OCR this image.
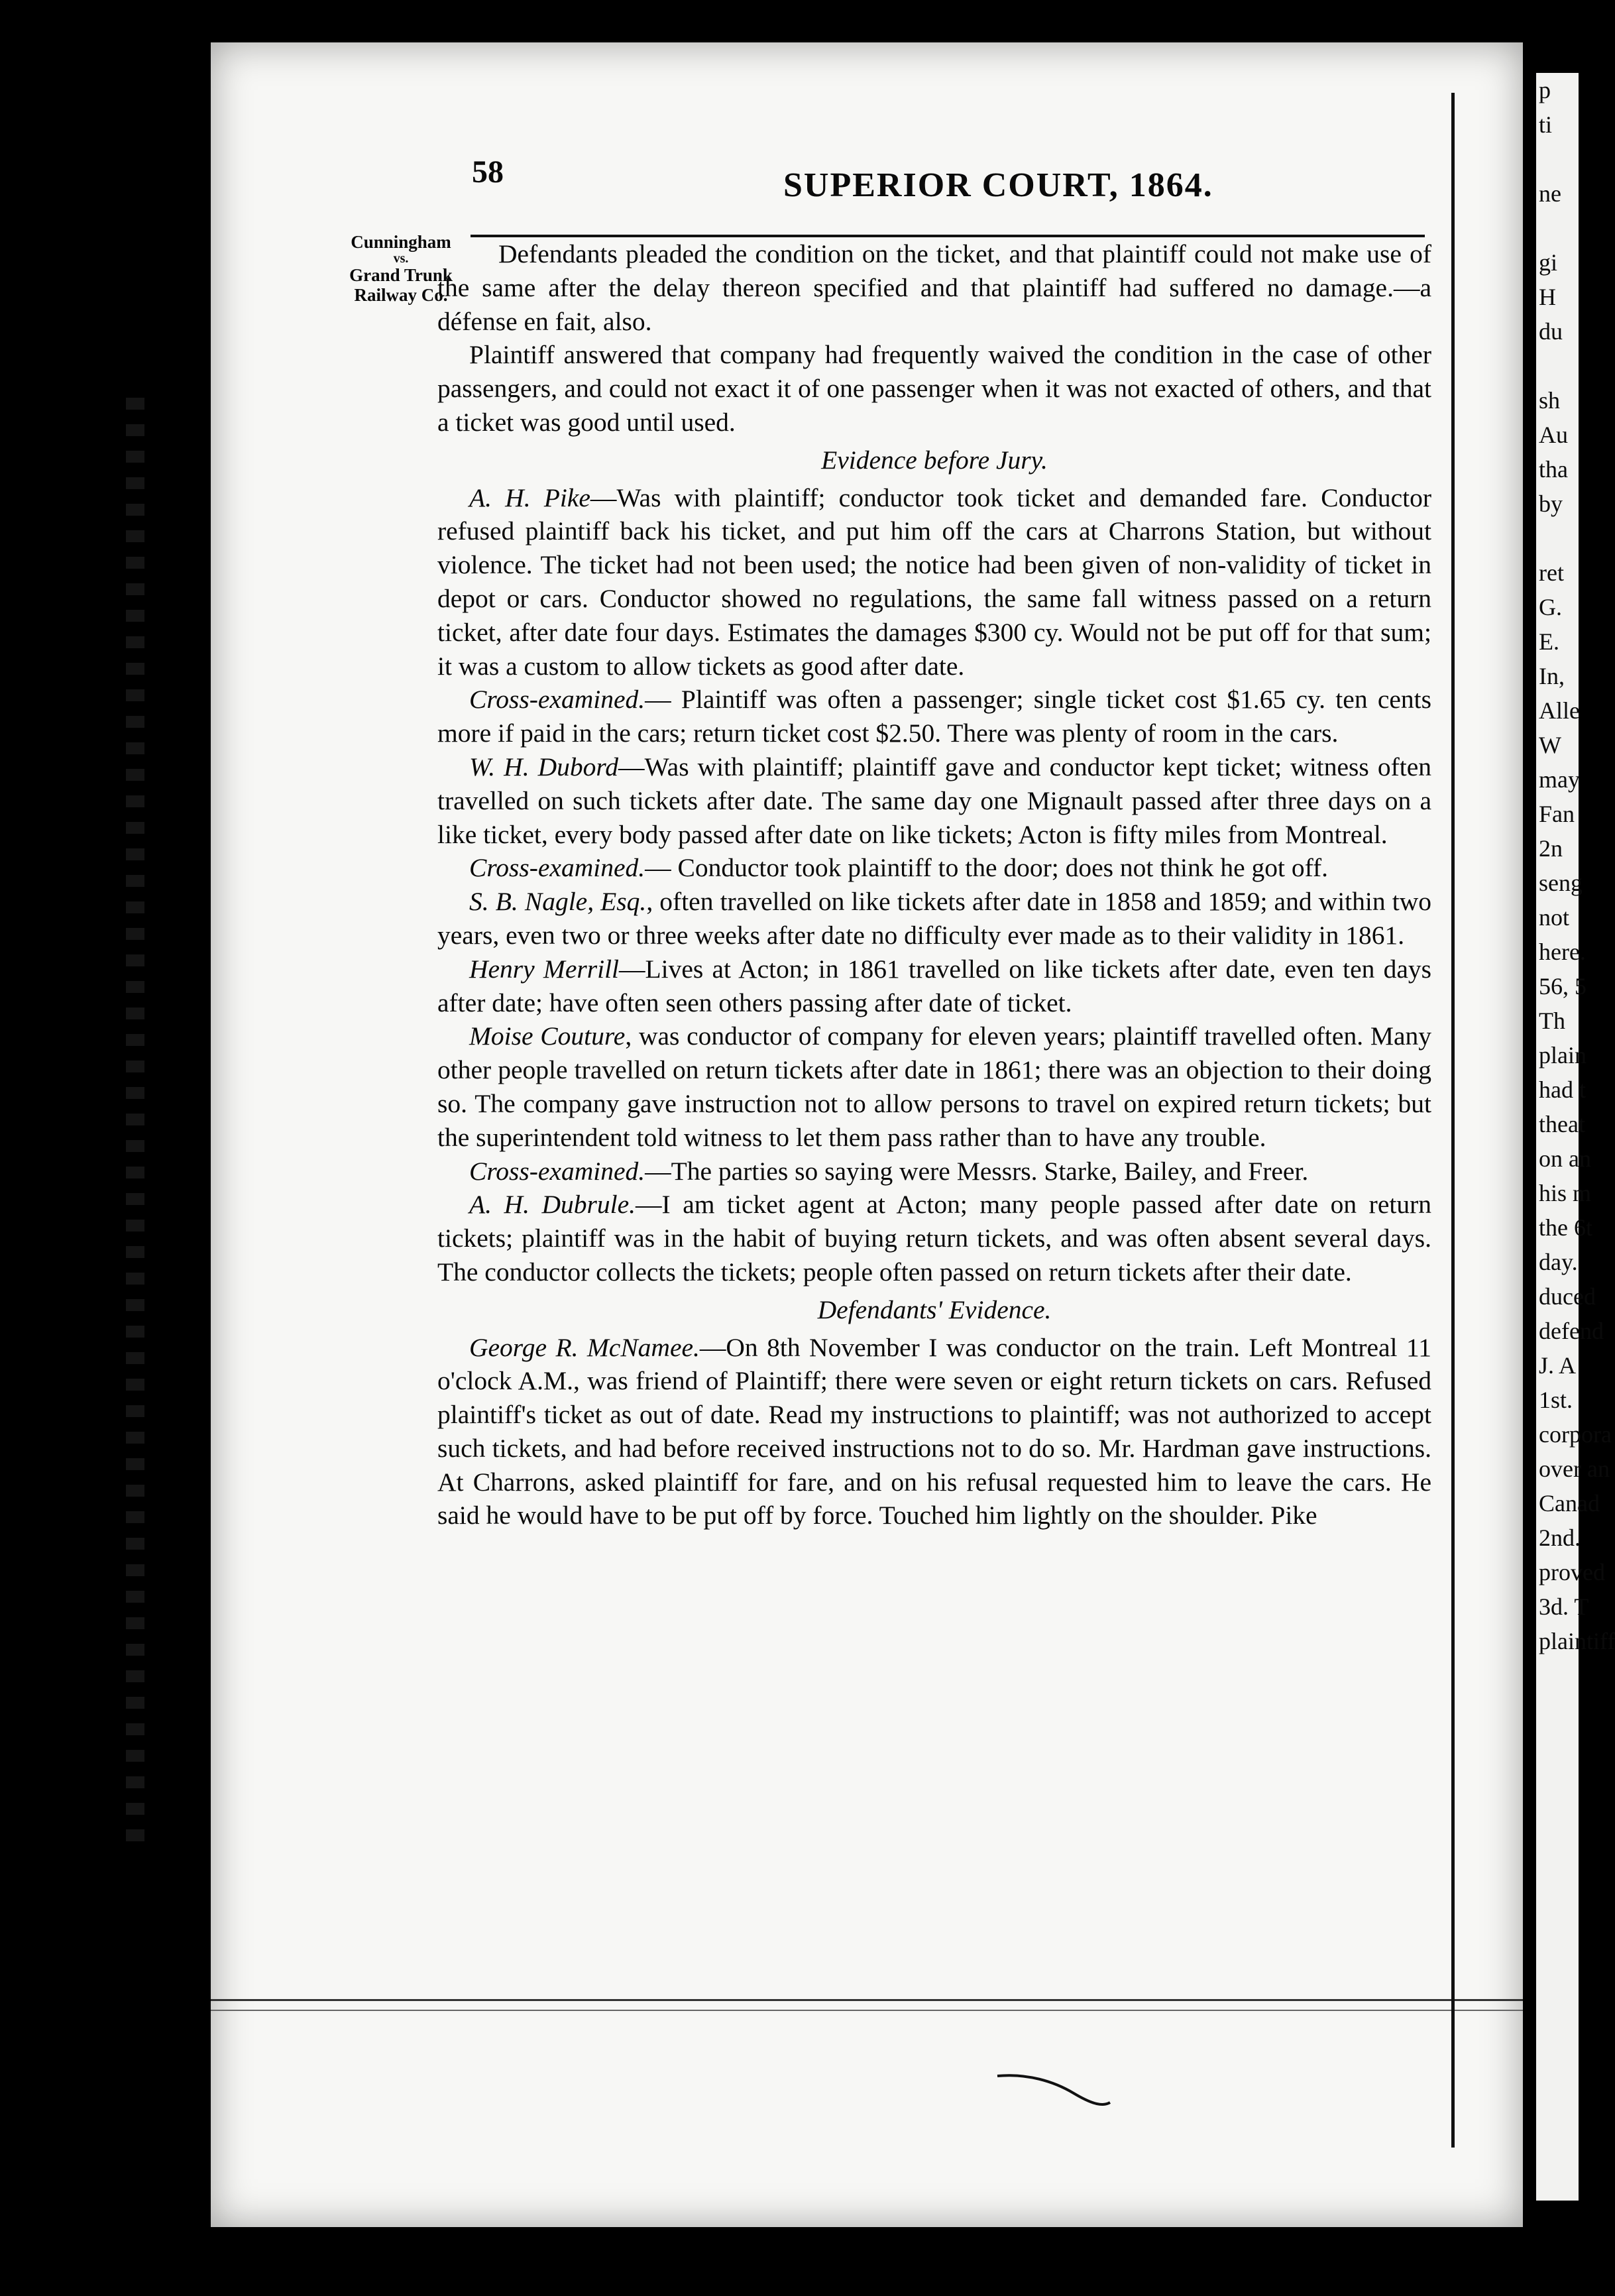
58	SUPERIOR COURT, 1864.
Cunningham
vs.
Grand Trunk
Railway Co.

Defendants pleaded the condition on the ticket, and that plaintiff could not make use of the same after the delay thereon specified and that plaintiff had suffered no damage.—a défense en fait, also.

Plaintiff answered that company had frequently waived the condition in the case of other passengers, and could not exact it of one passenger when it was not exacted of others, and that a ticket was good until used.

Evidence before Jury.

A. H. Pike—Was with plaintiff; conductor took ticket and demanded fare. Conductor refused plaintiff back his ticket, and put him off the cars at Charrons Station, but without violence. The ticket had not been used; the notice had been given of non-validity of ticket in depot or cars. Conductor showed no regulations, the same fall witness passed on a return ticket, after date four days. Estimates the damages $300 cy. Would not be put off for that sum; it was a custom to allow tickets as good after date.

Cross-examined.— Plaintiff was often a passenger; single ticket cost $1.65 cy. ten cents more if paid in the cars; return ticket cost $2.50. There was plenty of room in the cars.

W. H. Dubord—Was with plaintiff; plaintiff gave and conductor kept ticket; witness often travelled on such tickets after date. The same day one Mignault passed after three days on a like ticket, every body passed after date on like tickets; Acton is fifty miles from Montreal.

Cross-examined.— Conductor took plaintiff to the door; does not think he got off.

S. B. Nagle, Esq., often travelled on like tickets after date in 1858 and 1859; and within two years, even two or three weeks after date no difficulty ever made as to their validity in 1861.

Henry Merrill—Lives at Acton; in 1861 travelled on like tickets after date, even ten days after date; have often seen others passing after date of ticket.

Moise Couture, was conductor of company for eleven years; plaintiff travelled often. Many other people travelled on return tickets after date in 1861; there was an objection to their doing so. The company gave instruction not to allow persons to travel on expired return tickets; but the superintendent told witness to let them pass rather than to have any trouble.

Cross-examined.—The parties so saying were Messrs. Starke, Bailey, and Freer.

A. H. Dubrule.—I am ticket agent at Acton; many people passed after date on return tickets; plaintiff was in the habit of buying return tickets, and was often absent several days. The conductor collects the tickets; people often passed on return tickets after their date.

Defendants' Evidence.

George R. McNamee.—On 8th November I was conductor on the train. Left Montreal 11 o'clock A.M., was friend of Plaintiff; there were seven or eight return tickets on cars. Refused plaintiff's ticket as out of date. Read my instructions to plaintiff; was not authorized to accept such tickets, and had before received instructions not to do so. Mr. Hardman gave instructions. At Charrons, asked plaintiff for fare, and on his refusal requested him to leave the cars. He said he would have to be put off by force. Touched him lightly on the shoulder. Pike

p
ti

ne

gi
H
du

sh
Au
tha
by

ret
G.
E.
In,
Alle
W
may
Fan
2n
seng
not
here.
56, 5
Th
plain
had t
theat
on an
his m
the 6t
day.
duced
defend
J. A
1st.
corpora
over an
Canad
2nd.
proved
3d. T
plaintiff
